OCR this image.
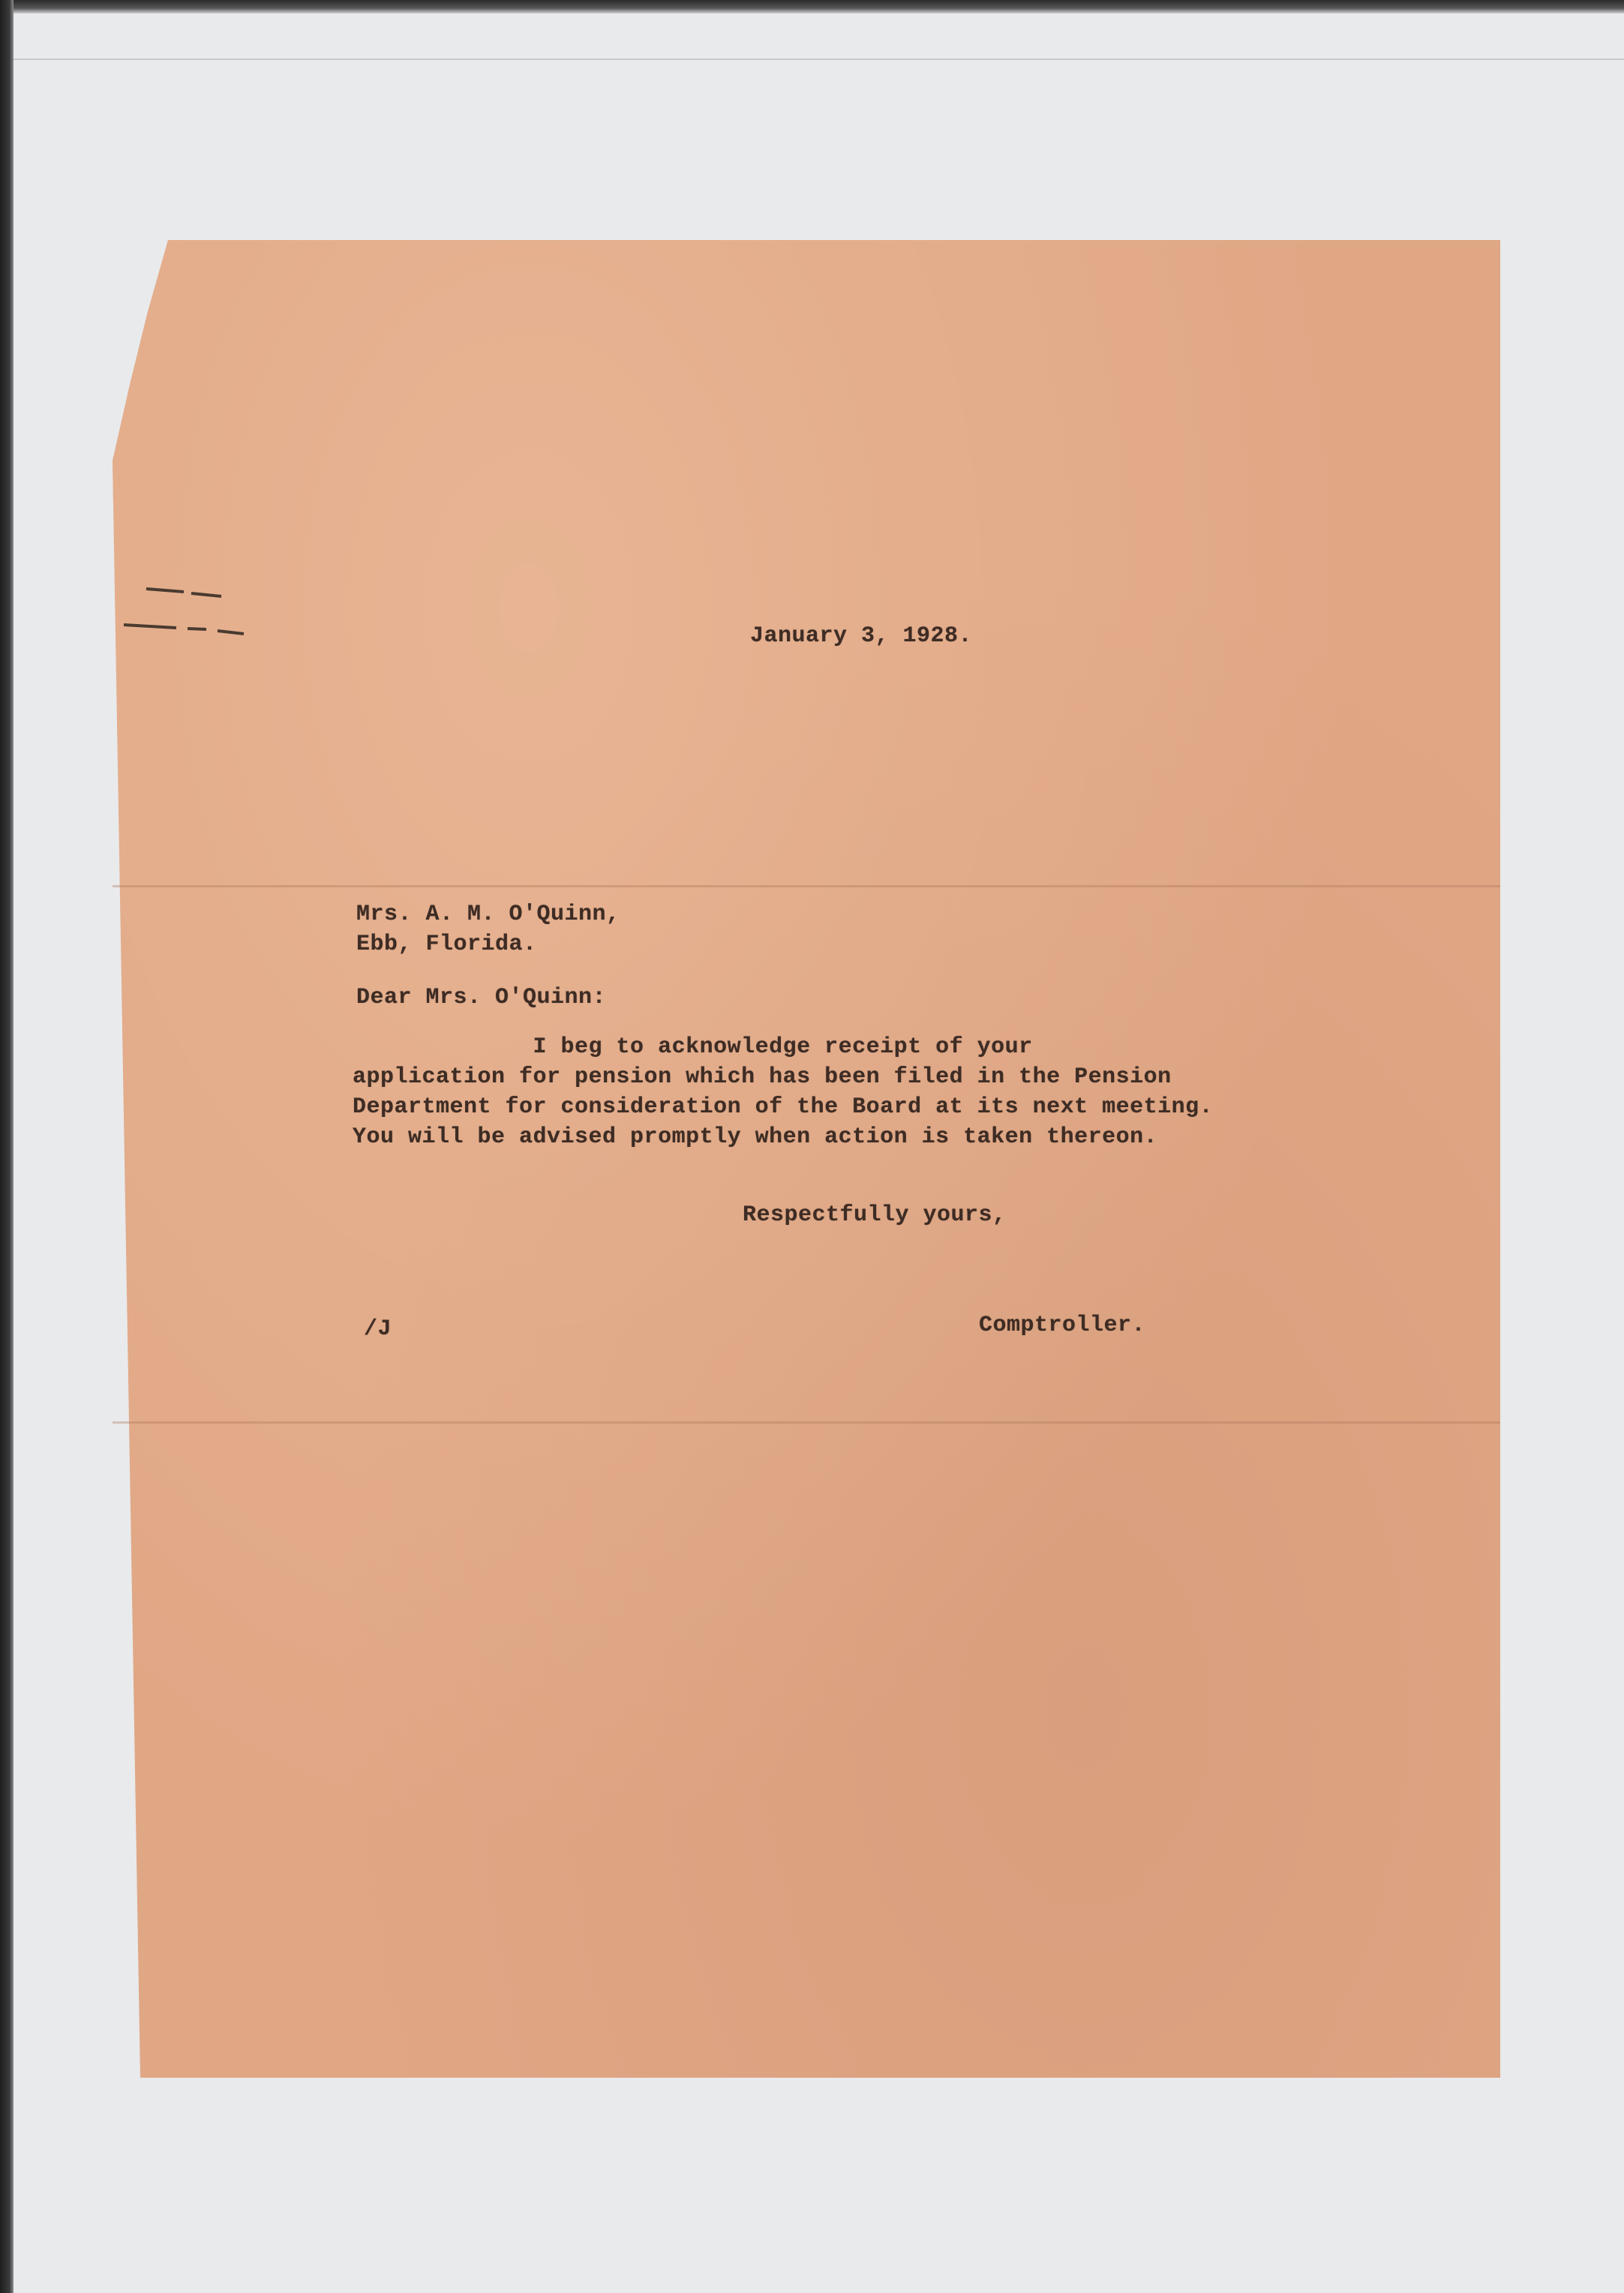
January 3, 1928.
Mrs. A. M. O'Quinn,
Ebb, Florida.
Dear Mrs. O'Quinn:
I beg to acknowledge receipt of your
application for pension which has been filed in the Pension
Department for consideration of the Board at its next meeting.
You will be advised promptly when action is taken thereon.
Respectfully yours,
/J	Comptroller.
